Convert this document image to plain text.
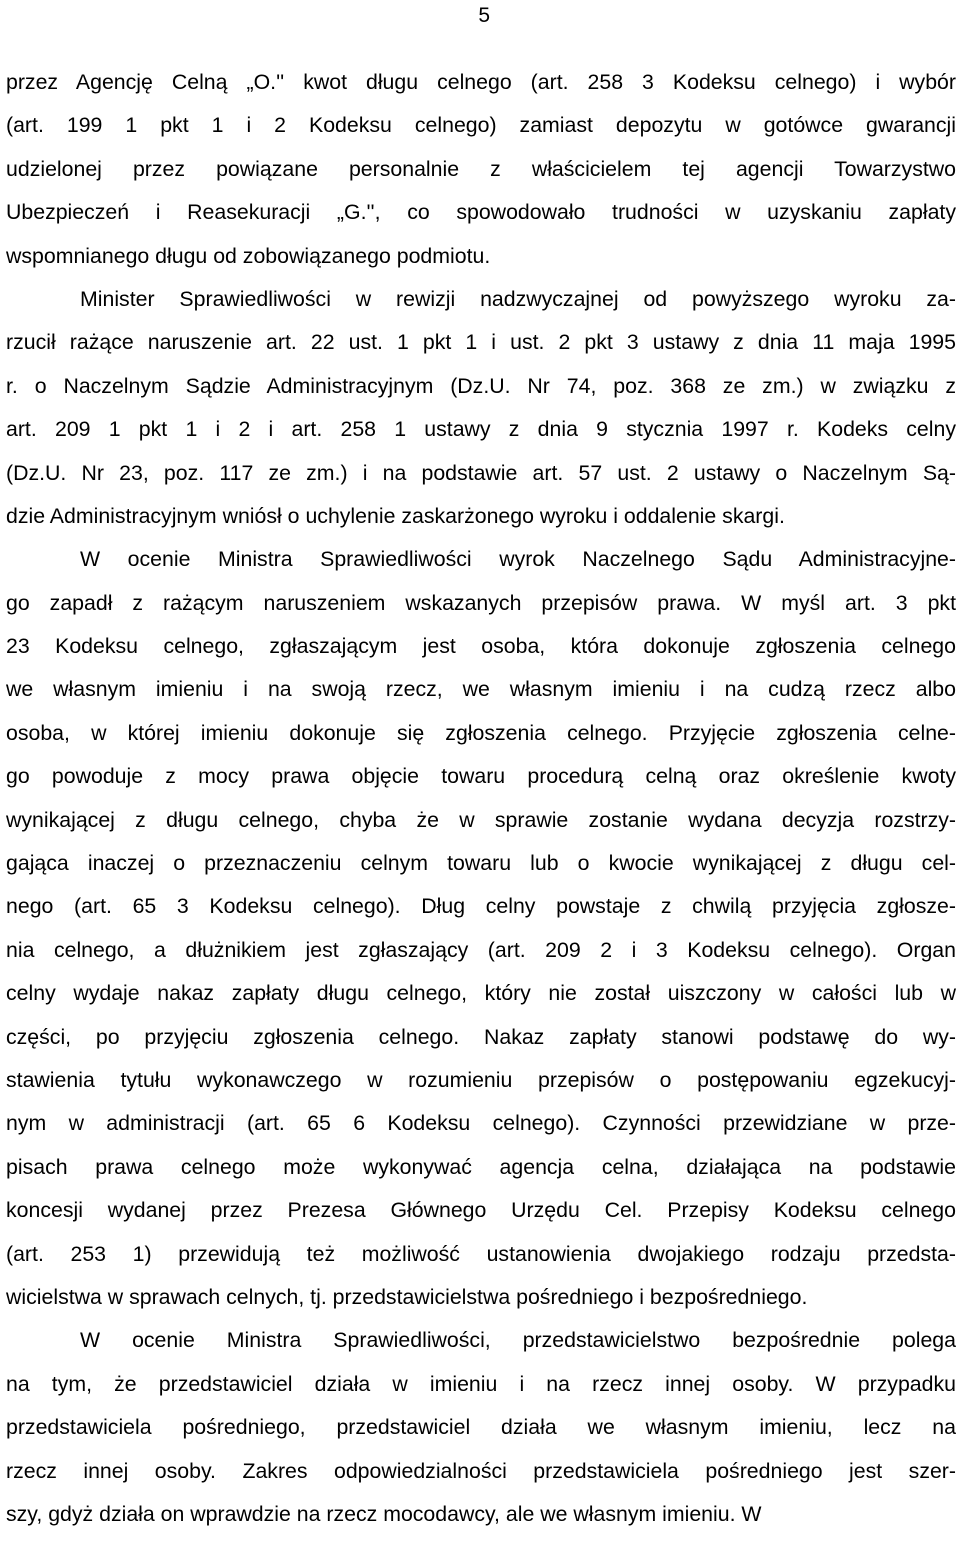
5
przez Agencję Celną „O.'' kwot długu celnego (art. 258 3 Kodeksu celnego) i wybór
(art. 199 1 pkt 1 i 2 Kodeksu celnego) zamiast depozytu w gotówce gwarancji
udzielonej przez powiązane personalnie z właścicielem tej agencji Towarzystwo
Ubezpieczeń i Reasekuracji „G.'', co spowodowało trudności w uzyskaniu zapłaty
wspomnianego długu od zobowiązanego podmiotu.
Minister Sprawiedliwości w rewizji nadzwyczajnej od powyższego wyroku za-
rzucił rażące naruszenie art. 22 ust. 1 pkt 1 i ust. 2 pkt 3 ustawy z dnia 11 maja 1995
r. o Naczelnym Sądzie Administracyjnym (Dz.U. Nr 74, poz. 368 ze zm.) w związku z
art. 209 1 pkt 1 i 2 i art. 258 1 ustawy z dnia 9 stycznia 1997 r. Kodeks celny
(Dz.U. Nr 23, poz. 117 ze zm.) i na podstawie art. 57 ust. 2 ustawy o Naczelnym Są-
dzie Administracyjnym wniósł o uchylenie zaskarżonego wyroku i oddalenie skargi.
W ocenie Ministra Sprawiedliwości wyrok Naczelnego Sądu Administracyjne-
go zapadł z rażącym naruszeniem wskazanych przepisów prawa. W myśl art. 3 pkt
23 Kodeksu celnego, zgłaszającym jest osoba, która dokonuje zgłoszenia celnego
we własnym imieniu i na swoją rzecz, we własnym imieniu i na cudzą rzecz albo
osoba, w której imieniu dokonuje się zgłoszenia celnego. Przyjęcie zgłoszenia celne-
go powoduje z mocy prawa objęcie towaru procedurą celną oraz określenie kwoty
wynikającej z długu celnego, chyba że w sprawie zostanie wydana decyzja rozstrzy-
gająca inaczej o przeznaczeniu celnym towaru lub o kwocie wynikającej z długu cel-
nego (art. 65 3 Kodeksu celnego). Dług celny powstaje z chwilą przyjęcia zgłosze-
nia celnego, a dłużnikiem jest zgłaszający (art. 209 2 i 3 Kodeksu celnego). Organ
celny wydaje nakaz zapłaty długu celnego, który nie został uiszczony w całości lub w
części, po przyjęciu zgłoszenia celnego. Nakaz zapłaty stanowi podstawę do wy-
stawienia tytułu wykonawczego w rozumieniu przepisów o postępowaniu egzekucyj-
nym w administracji (art. 65 6 Kodeksu celnego). Czynności przewidziane w prze-
pisach prawa celnego może wykonywać agencja celna, działająca na podstawie
koncesji wydanej przez Prezesa Głównego Urzędu Cel. Przepisy Kodeksu celnego
(art. 253 1) przewidują też możliwość ustanowienia dwojakiego rodzaju przedsta-
wicielstwa w sprawach celnych, tj. przedstawicielstwa pośredniego i bezpośredniego.
W ocenie Ministra Sprawiedliwości, przedstawicielstwo bezpośrednie polega
na tym, że przedstawiciel działa w imieniu i na rzecz innej osoby. W przypadku
przedstawiciela pośredniego, przedstawiciel działa we własnym imieniu, lecz na
rzecz innej osoby. Zakres odpowiedzialności przedstawiciela pośredniego jest szer-
szy, gdyż działa on wprawdzie na rzecz mocodawcy, ale we własnym imieniu. W
